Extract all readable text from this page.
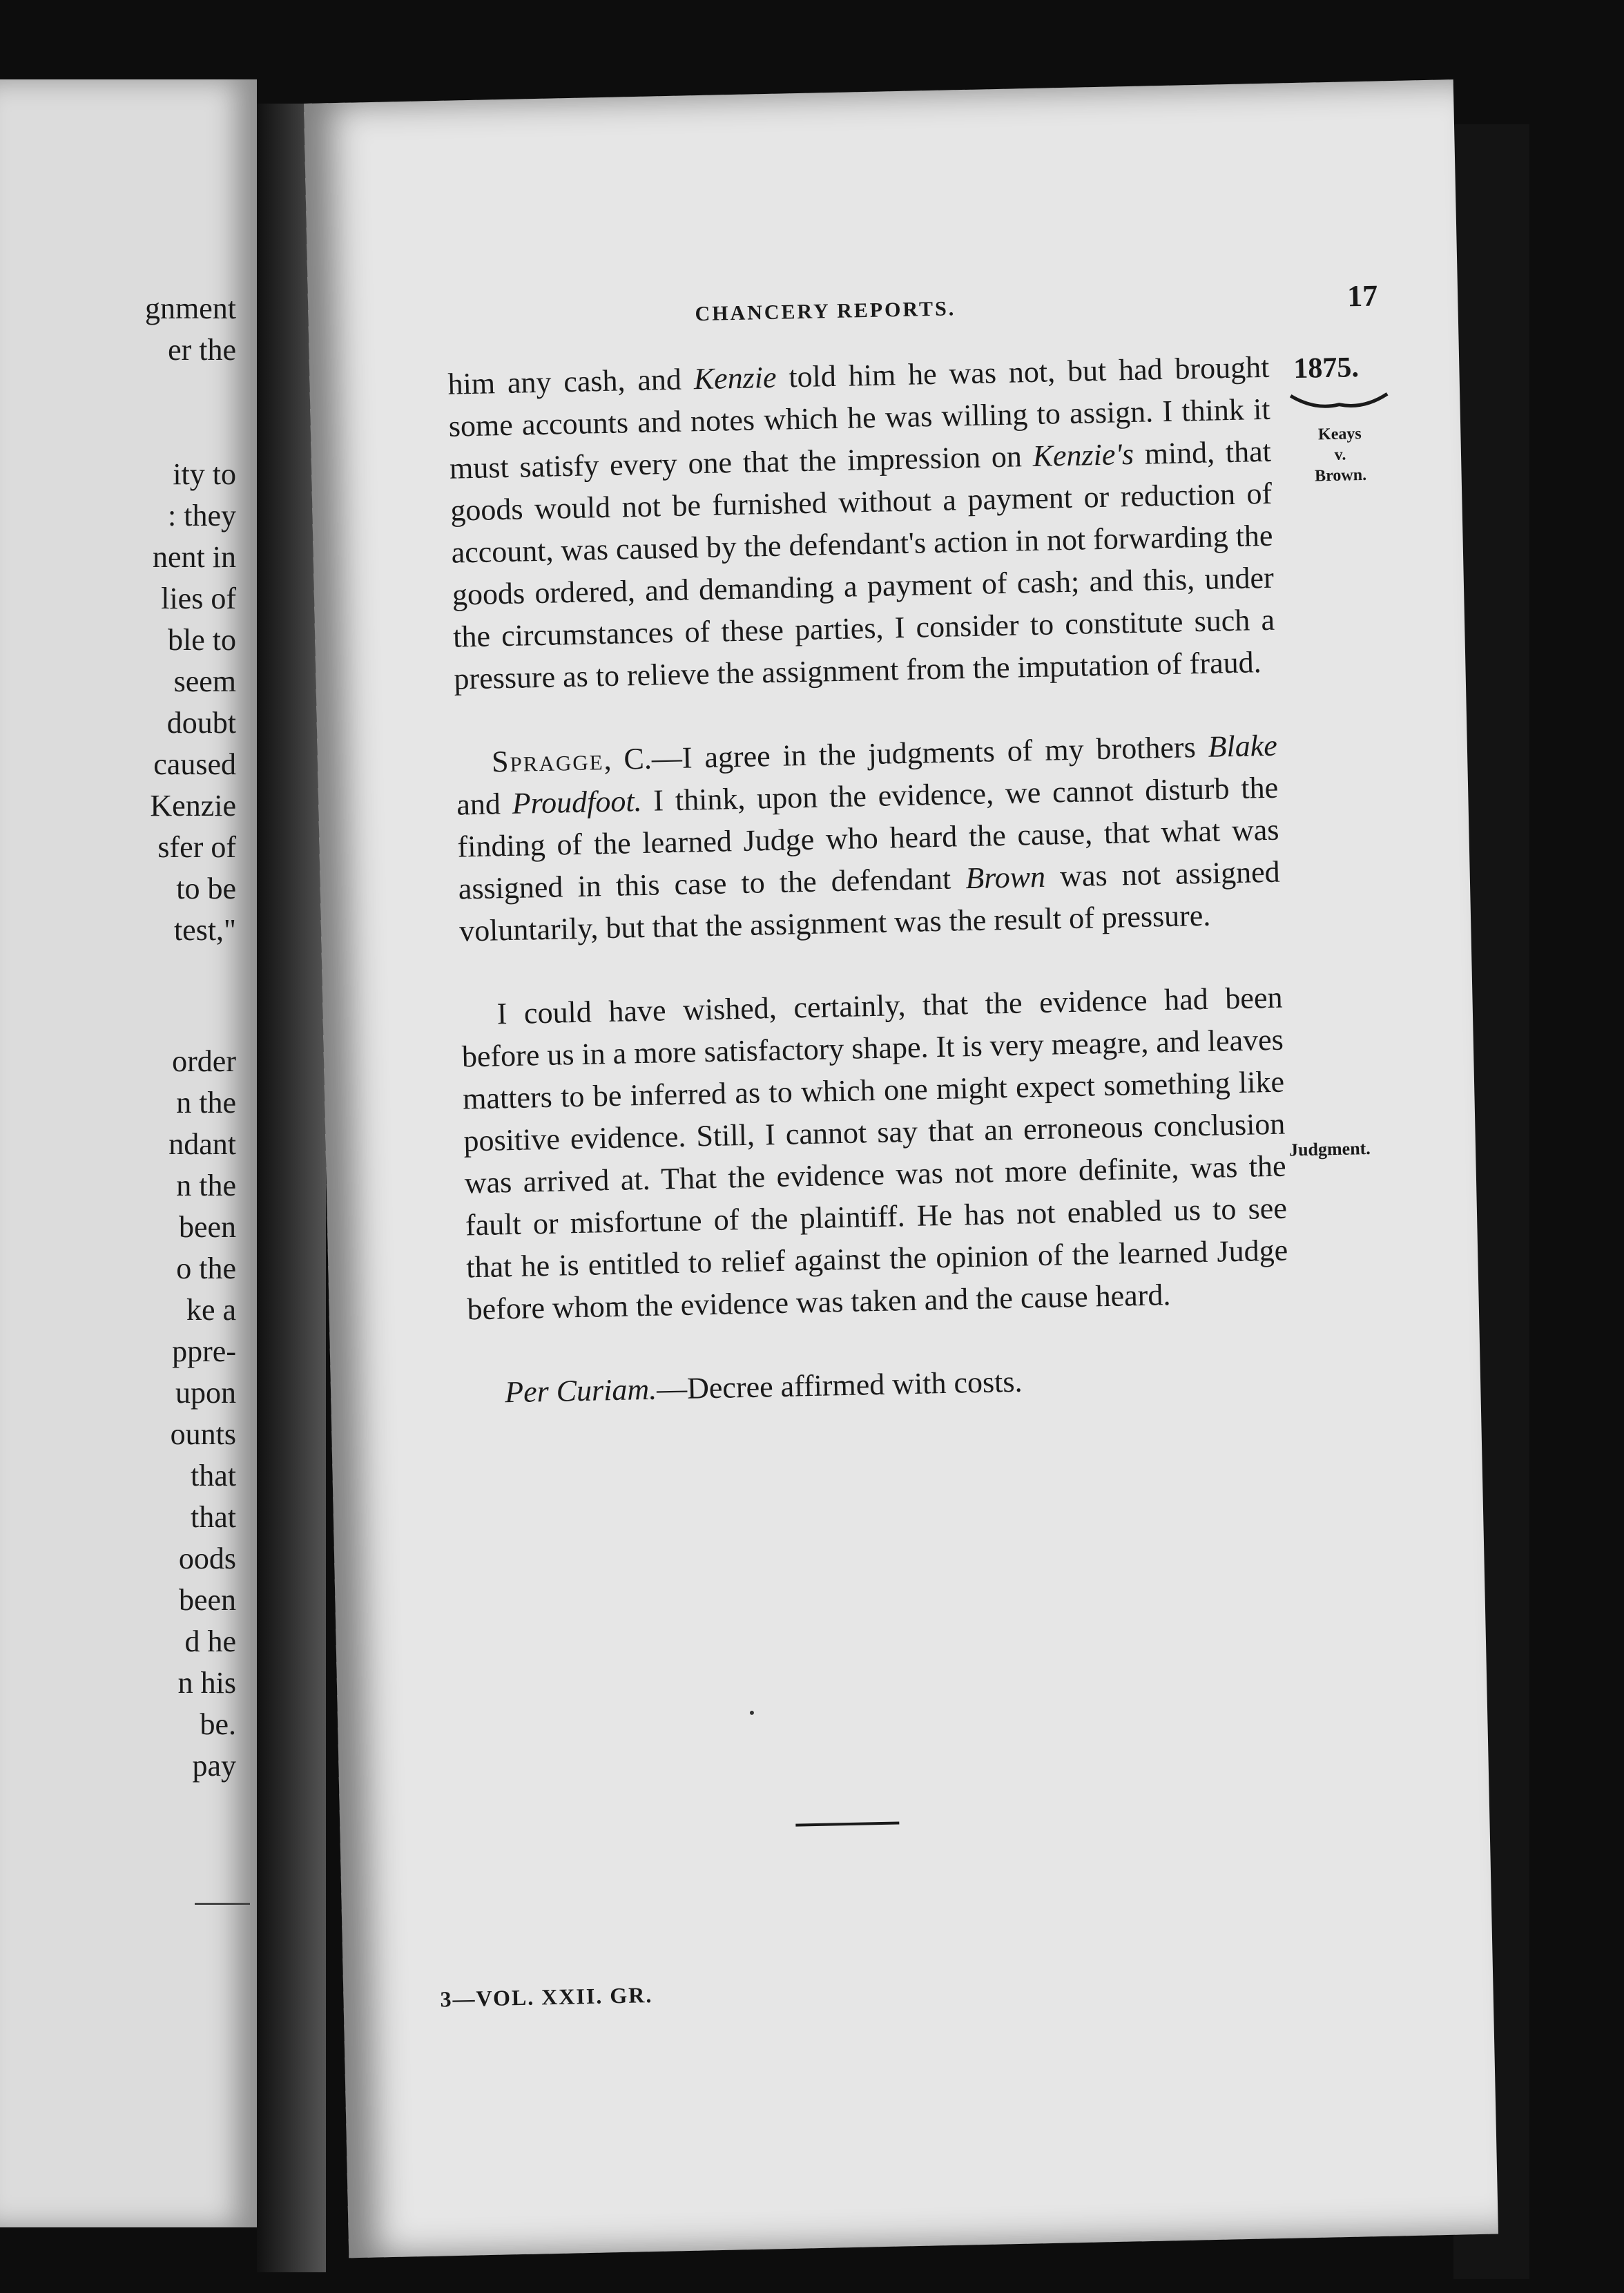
gnment
er the
ity to
: they
nent in
lies of
ble to
seem
doubt
caused
Kenzie
sfer of
to be
test,"
order
n the
ndant
n the
been
o the
ke a
ppre-
upon
ounts
that
that
oods
been
d he
n his
be.
pay
CHANCERY REPORTS.	17
1875.
Keays
v.
Brown.
Judgment.

him any cash, and Kenzie told him he was not, but had brought some accounts and notes which he was willing to assign. I think it must satisfy every one that the impression on Kenzie's mind, that goods would not be furnished without a payment or reduction of account, was caused by the defendant's action in not forwarding the goods ordered, and demanding a payment of cash; and this, under the circumstances of these parties, I consider to constitute such a pressure as to relieve the assignment from the imputation of fraud.

Spragge, C.—I agree in the judgments of my brothers Blake and Proudfoot. I think, upon the evidence, we cannot disturb the finding of the learned Judge who heard the cause, that what was assigned in this case to the defendant Brown was not assigned voluntarily, but that the assignment was the result of pressure.

I could have wished, certainly, that the evidence had been before us in a more satisfactory shape. It is very meagre, and leaves matters to be inferred as to which one might expect something like positive evidence. Still, I cannot say that an erroneous conclusion was arrived at. That the evidence was not more definite, was the fault or misfortune of the plaintiff. He has not enabled us to see that he is entitled to relief against the opinion of the learned Judge before whom the evidence was taken and the cause heard.

Per Curiam.—Decree affirmed with costs.

3—VOL. XXII. GR.
